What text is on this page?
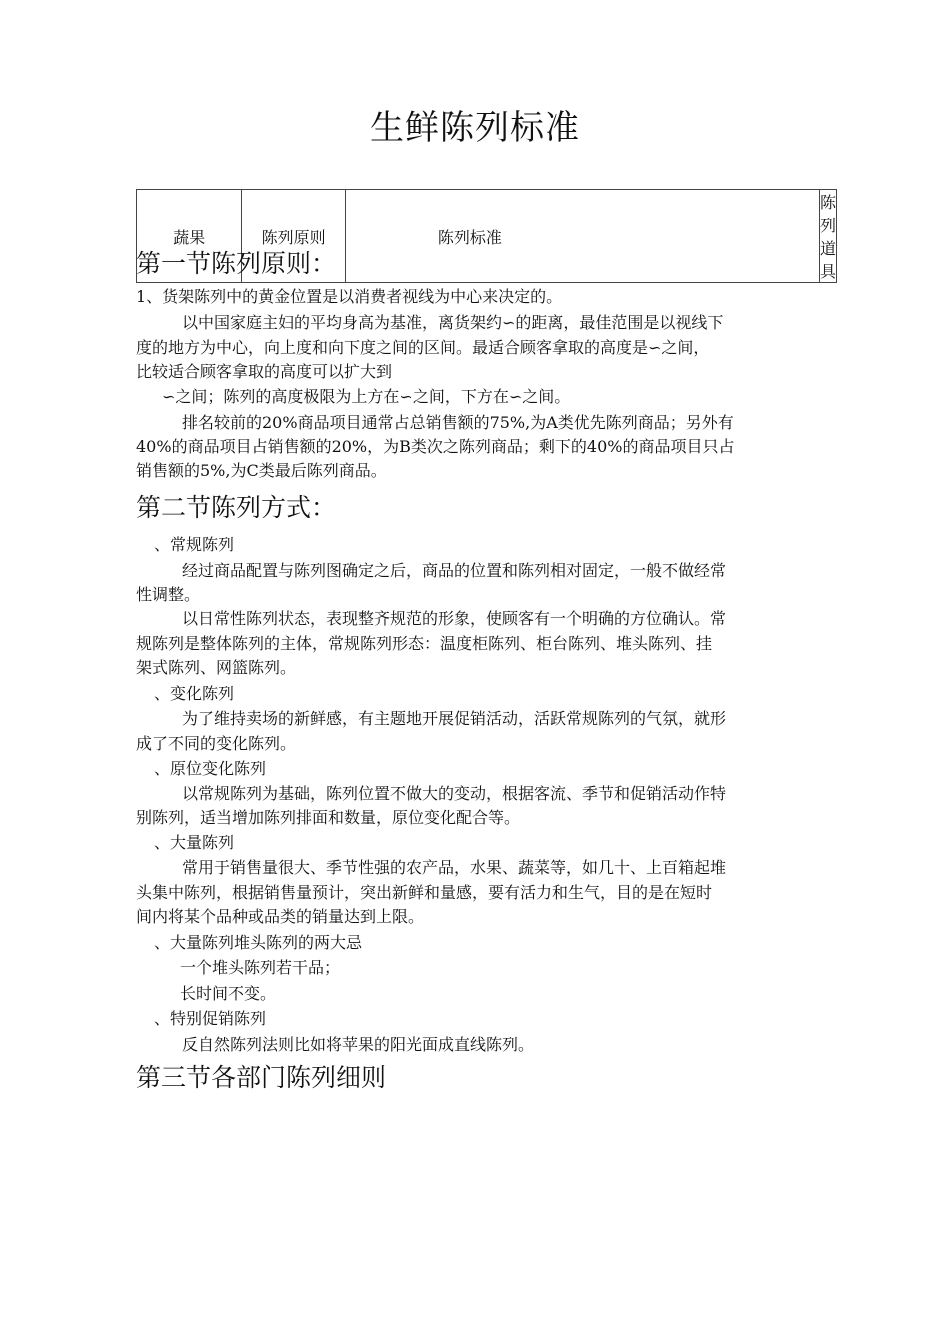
生鲜陈列标准
蔬果	陈列原则	陈列标准	陈列道具
第一节陈列原则：
1、货架陈列中的黄金位置是以消费者视线为中心来决定的。
以中国家庭主妇的平均身高为基准，离货架约∽的距离，最佳范围是以视线下
度的地方为中心，向上度和向下度之间的区间。最适合顾客拿取的高度是∽之间，
比较适合顾客拿取的高度可以扩大到
∽之间；陈列的高度极限为上方在∽之间，下方在∽之间。
排名较前的20%商品项目通常占总销售额的75%,为A类优先陈列商品；另外有
40%的商品项目占销售额的20%，为B类次之陈列商品；剩下的40%的商品项目只占
销售额的5%,为C类最后陈列商品。
第二节陈列方式：
、常规陈列
经过商品配置与陈列图确定之后，商品的位置和陈列相对固定，一般不做经常
性调整。
以日常性陈列状态，表现整齐规范的形象，使顾客有一个明确的方位确认。常
规陈列是整体陈列的主体，常规陈列形态：温度柜陈列、柜台陈列、堆头陈列、挂
架式陈列、网篮陈列。
、变化陈列
为了维持卖场的新鲜感，有主题地开展促销活动，活跃常规陈列的气氛，就形
成了不同的变化陈列。
、原位变化陈列
以常规陈列为基础，陈列位置不做大的变动，根据客流、季节和促销活动作特
别陈列，适当增加陈列排面和数量，原位变化配合等。
、大量陈列
常用于销售量很大、季节性强的农产品，水果、蔬菜等，如几十、上百箱起堆
头集中陈列，根据销售量预计，突出新鲜和量感，要有活力和生气，目的是在短时
间内将某个品种或品类的销量达到上限。
、大量陈列堆头陈列的两大忌
一个堆头陈列若干品；
长时间不变。
、特别促销陈列
反自然陈列法则比如将苹果的阳光面成直线陈列。
第三节各部门陈列细则
